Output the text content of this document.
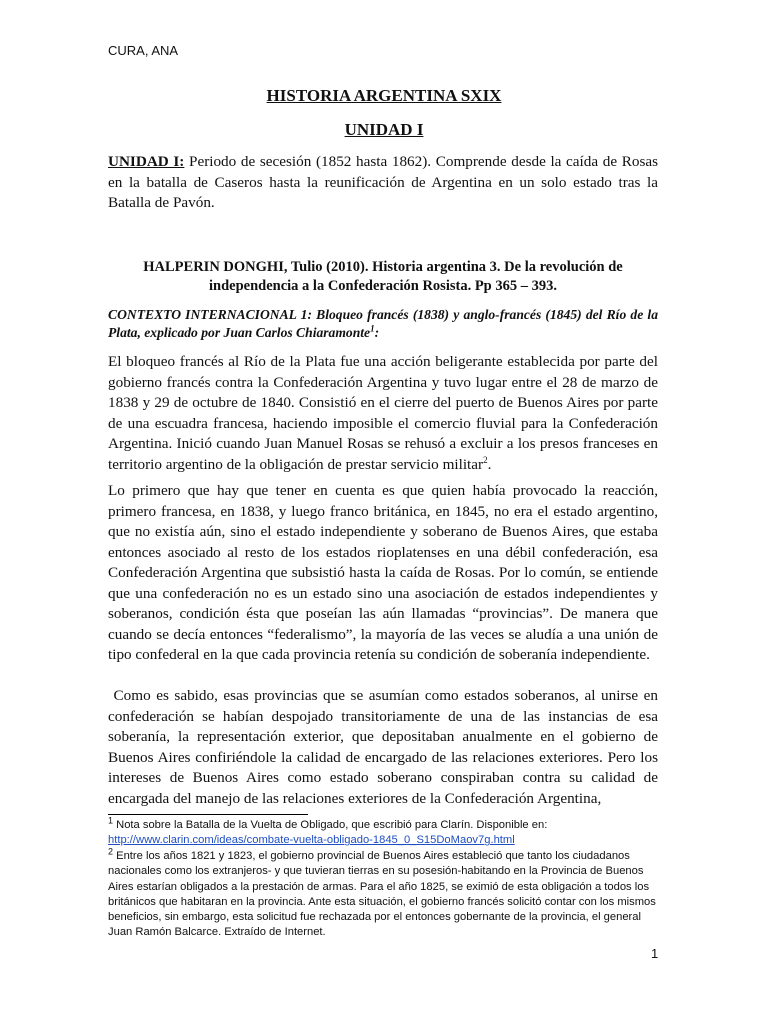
CURA, ANA
HISTORIA ARGENTINA SXIX
UNIDAD I
UNIDAD I: Periodo de secesión (1852 hasta 1862). Comprende desde la caída de Rosas en la batalla de Caseros hasta la reunificación de Argentina en un solo estado tras la Batalla de Pavón.
HALPERIN DONGHI, Tulio (2010). Historia argentina 3. De la revolución de
independencia a la Confederación Rosista. Pp 365 – 393.
CONTEXTO INTERNACIONAL 1: Bloqueo francés (1838) y anglo-francés (1845) del Río de la Plata, explicado por Juan Carlos Chiaramonte$^1$:
El bloqueo francés al Río de la Plata fue una acción beligerante establecida por parte del gobierno francés contra la Confederación Argentina y tuvo lugar entre el 28 de marzo de 1838 y 29 de octubre de 1840. Consistió en el cierre del puerto de Buenos Aires por parte de una escuadra francesa, haciendo imposible el comercio fluvial para la Confederación Argentina. Inició cuando Juan Manuel Rosas se rehusó a excluir a los presos franceses en territorio argentino de la obligación de prestar servicio militar$^2$.
Lo primero que hay que tener en cuenta es que quien había provocado la reacción, primero francesa, en 1838, y luego franco británica, en 1845, no era el estado argentino, que no existía aún, sino el estado independiente y soberano de Buenos Aires, que estaba entonces asociado al resto de los estados rioplatenses en una débil confederación, esa Confederación Argentina que subsistió hasta la caída de Rosas. Por lo común, se entiende que una confederación no es un estado sino una asociación de estados independientes y soberanos, condición ésta que poseían las aún llamadas “provincias”. De manera que cuando se decía entonces “federalismo”, la mayoría de las veces se aludía a una unión de tipo confederal en la que cada provincia retenía su condición de soberanía independiente.
Como es sabido, esas provincias que se asumían como estados soberanos, al unirse en confederación se habían despojado transitoriamente de una de las instancias de esa soberanía, la representación exterior, que depositaban anualmente en el gobierno de Buenos Aires confiriéndole la calidad de encargado de las relaciones exteriores. Pero los intereses de Buenos Aires como estado soberano conspiraban contra su calidad de encargada del manejo de las relaciones exteriores de la Confederación Argentina,
$^1$ Nota sobre la Batalla de la Vuelta de Obligado, que escribió para Clarín. Disponible en:
http://www.clarin.com/ideas/combate-vuelta-obligado-1845_0_S15DoMaov7g.html
$^2$ Entre los años 1821 y 1823, el gobierno provincial de Buenos Aires estableció que tanto los ciudadanos nacionales como los extranjeros- y que tuvieran tierras en su posesión-habitando en la Provincia de Buenos Aires estarían obligados a la prestación de armas. Para el año 1825, se eximió de esta obligación a todos los británicos que habitaran en la provincia. Ante esta situación, el gobierno francés solicitó contar con los mismos beneficios, sin embargo, esta solicitud fue rechazada por el entonces gobernante de la provincia, el general Juan Ramón Balcarce. Extraído de Internet.
1
